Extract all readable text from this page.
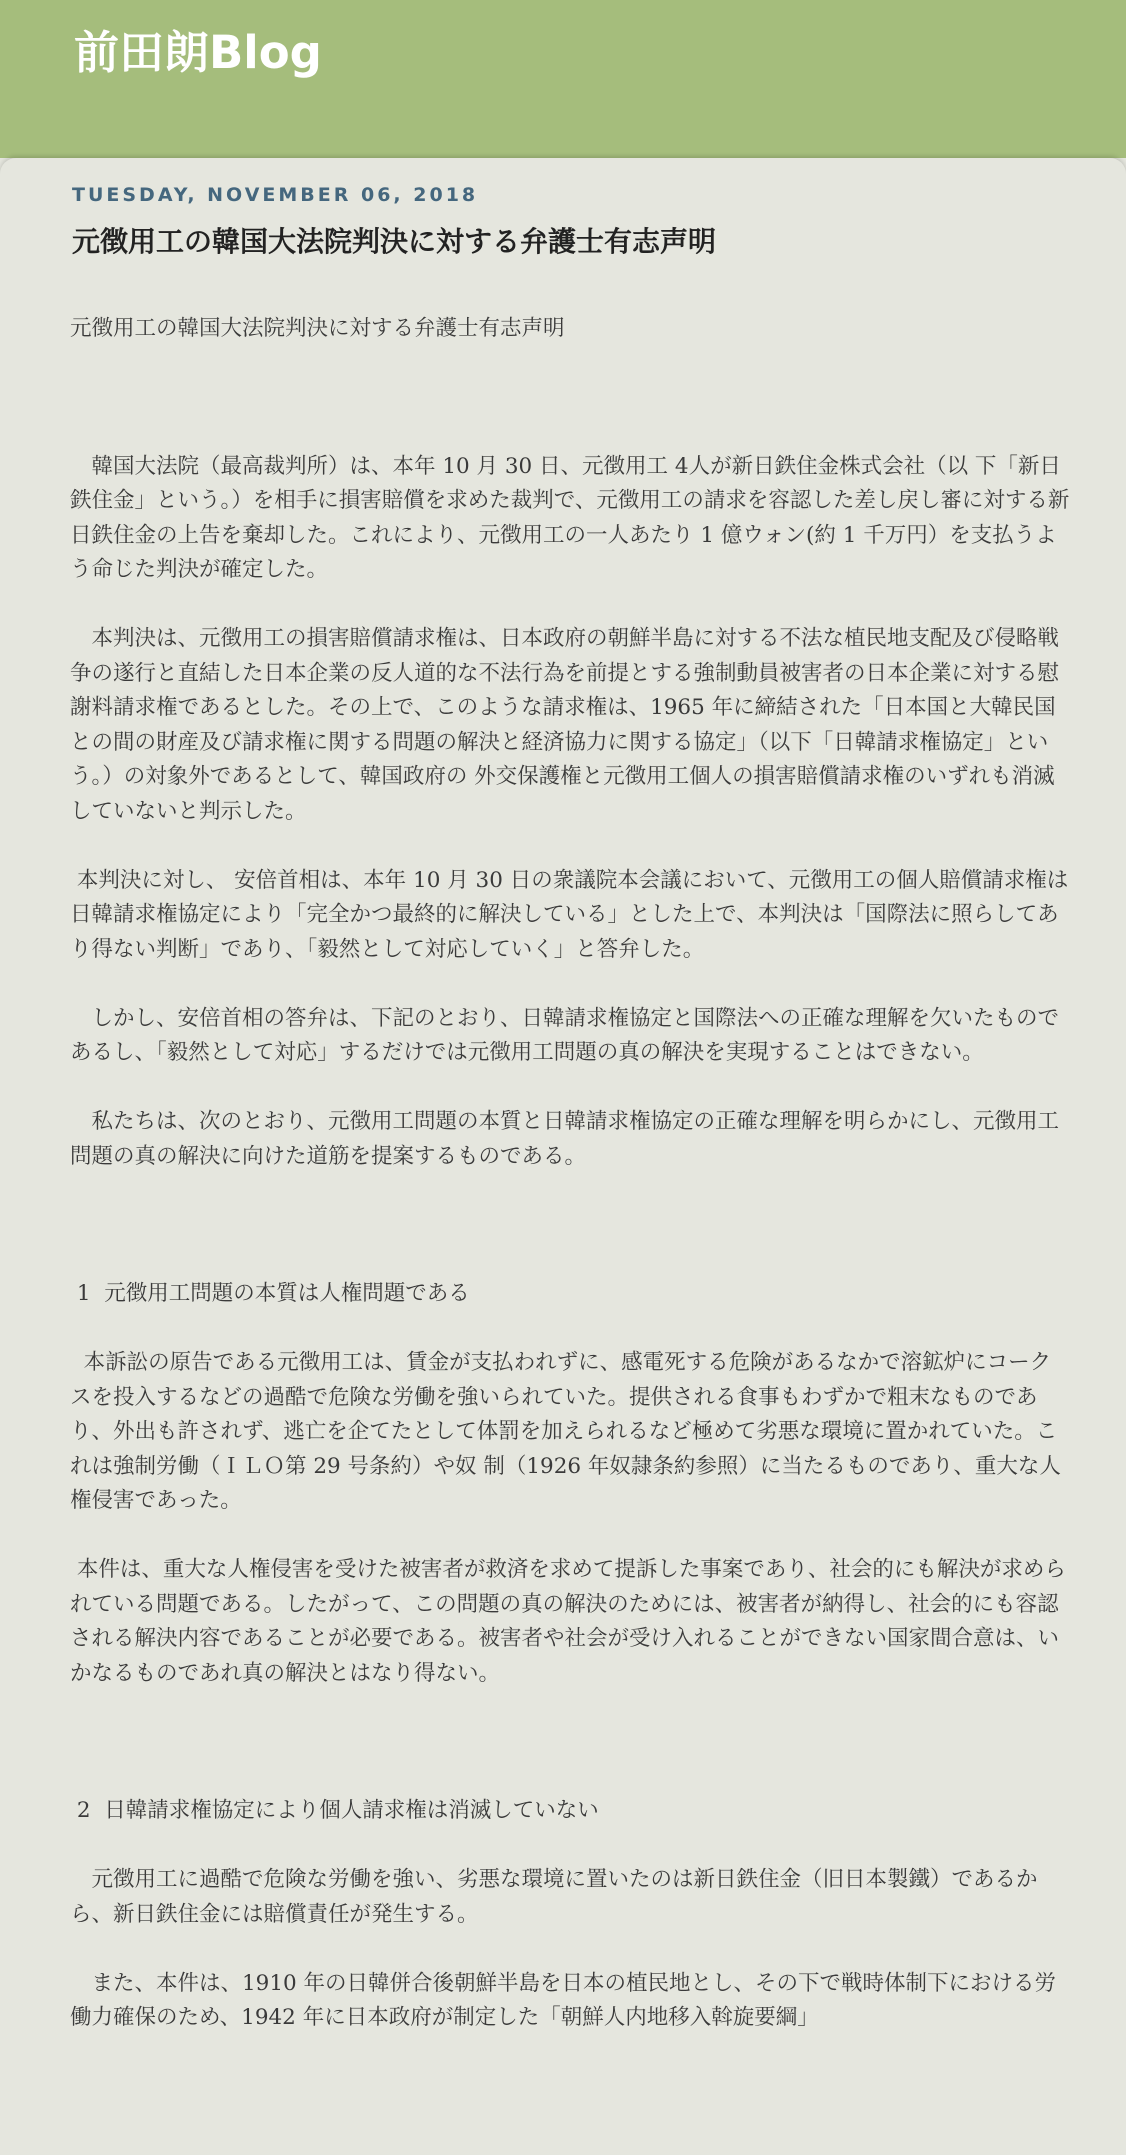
前田朗Blog
TUESDAY, NOVEMBER 06, 2018
元徴用工の韓国大法院判決に対する弁護士有志声明

元徴用工の韓国大法院判決に対する弁護士有志声明

　韓国大法院（最高裁判所）は、本年 10 月 30 日、元徴用工 4人が新日鉄住金株式会社（以 下「新日鉄住金」という。）を相手に損害賠償を求めた裁判で、元徴用工の請求を容認した差し戻し審に対する新日鉄住金の上告を棄却した。これにより、元徴用工の一人あたり 1 億ウォン(約 1 千万円）を支払うよう命じた判決が確定した。

　本判決は、元徴用工の損害賠償請求権は、日本政府の朝鮮半島に対する不法な植民地支配及び侵略戦争の遂行と直結した日本企業の反人道的な不法行為を前提とする強制動員被害者の日本企業に対する慰謝料請求権であるとした。その上で、このような請求権は、1965 年に締結された「日本国と大韓民国との間の財産及び請求権に関する問題の解決と経済協力に関する協定」（以下「日韓請求権協定」という。）の対象外であるとして、韓国政府の 外交保護権と元徴用工個人の損害賠償請求権のいずれも消滅していないと判示した。

本判決に対し、 安倍首相は、本年 10 月 30 日の衆議院本会議において、元徴用工の個人賠償請求権は日韓請求権協定により「完全かつ最終的に解決している」とした上で、本判決は「国際法に照らしてあり得ない判断」であり、「毅然として対応していく」と答弁した。

　しかし、安倍首相の答弁は、下記のとおり、日韓請求権協定と国際法への正確な理解を欠いたものであるし、「毅然として対応」するだけでは元徴用工問題の真の解決を実現することはできない。

　私たちは、次のとおり、元徴用工問題の本質と日韓請求権協定の正確な理解を明らかにし、元徴用工問題の真の解決に向けた道筋を提案するものである。

1  元徴用工問題の本質は人権問題である

本訴訟の原告である元徴用工は、賃金が支払われずに、感電死する危険があるなかで溶鉱炉にコークスを投入するなどの過酷で危険な労働を強いられていた。提供される食事もわずかで粗末なものであり、外出も許されず、逃亡を企てたとして体罰を加えられるなど極めて劣悪な環境に置かれていた。これは強制労働（ＩＬＯ第 29 号条約）や奴 制（1926 年奴隷条約参照）に当たるものであり、重大な人権侵害であった。

本件は、重大な人権侵害を受けた被害者が救済を求めて提訴した事案であり、社会的にも解決が求められている問題である。したがって、この問題の真の解決のためには、被害者が納得し、社会的にも容認される解決内容であることが必要である。被害者や社会が受け入れることができない国家間合意は、いかなるものであれ真の解決とはなり得ない。

2  日韓請求権協定により個人請求権は消滅していない

　元徴用工に過酷で危険な労働を強い、劣悪な環境に置いたのは新日鉄住金（旧日本製鐵）であるから、新日鉄住金には賠償責任が発生する。

　また、本件は、1910 年の日韓併合後朝鮮半島を日本の植民地とし、その下で戦時体制下における労働力確保のため、1942 年に日本政府が制定した「朝鮮人内地移入斡旋要綱」
